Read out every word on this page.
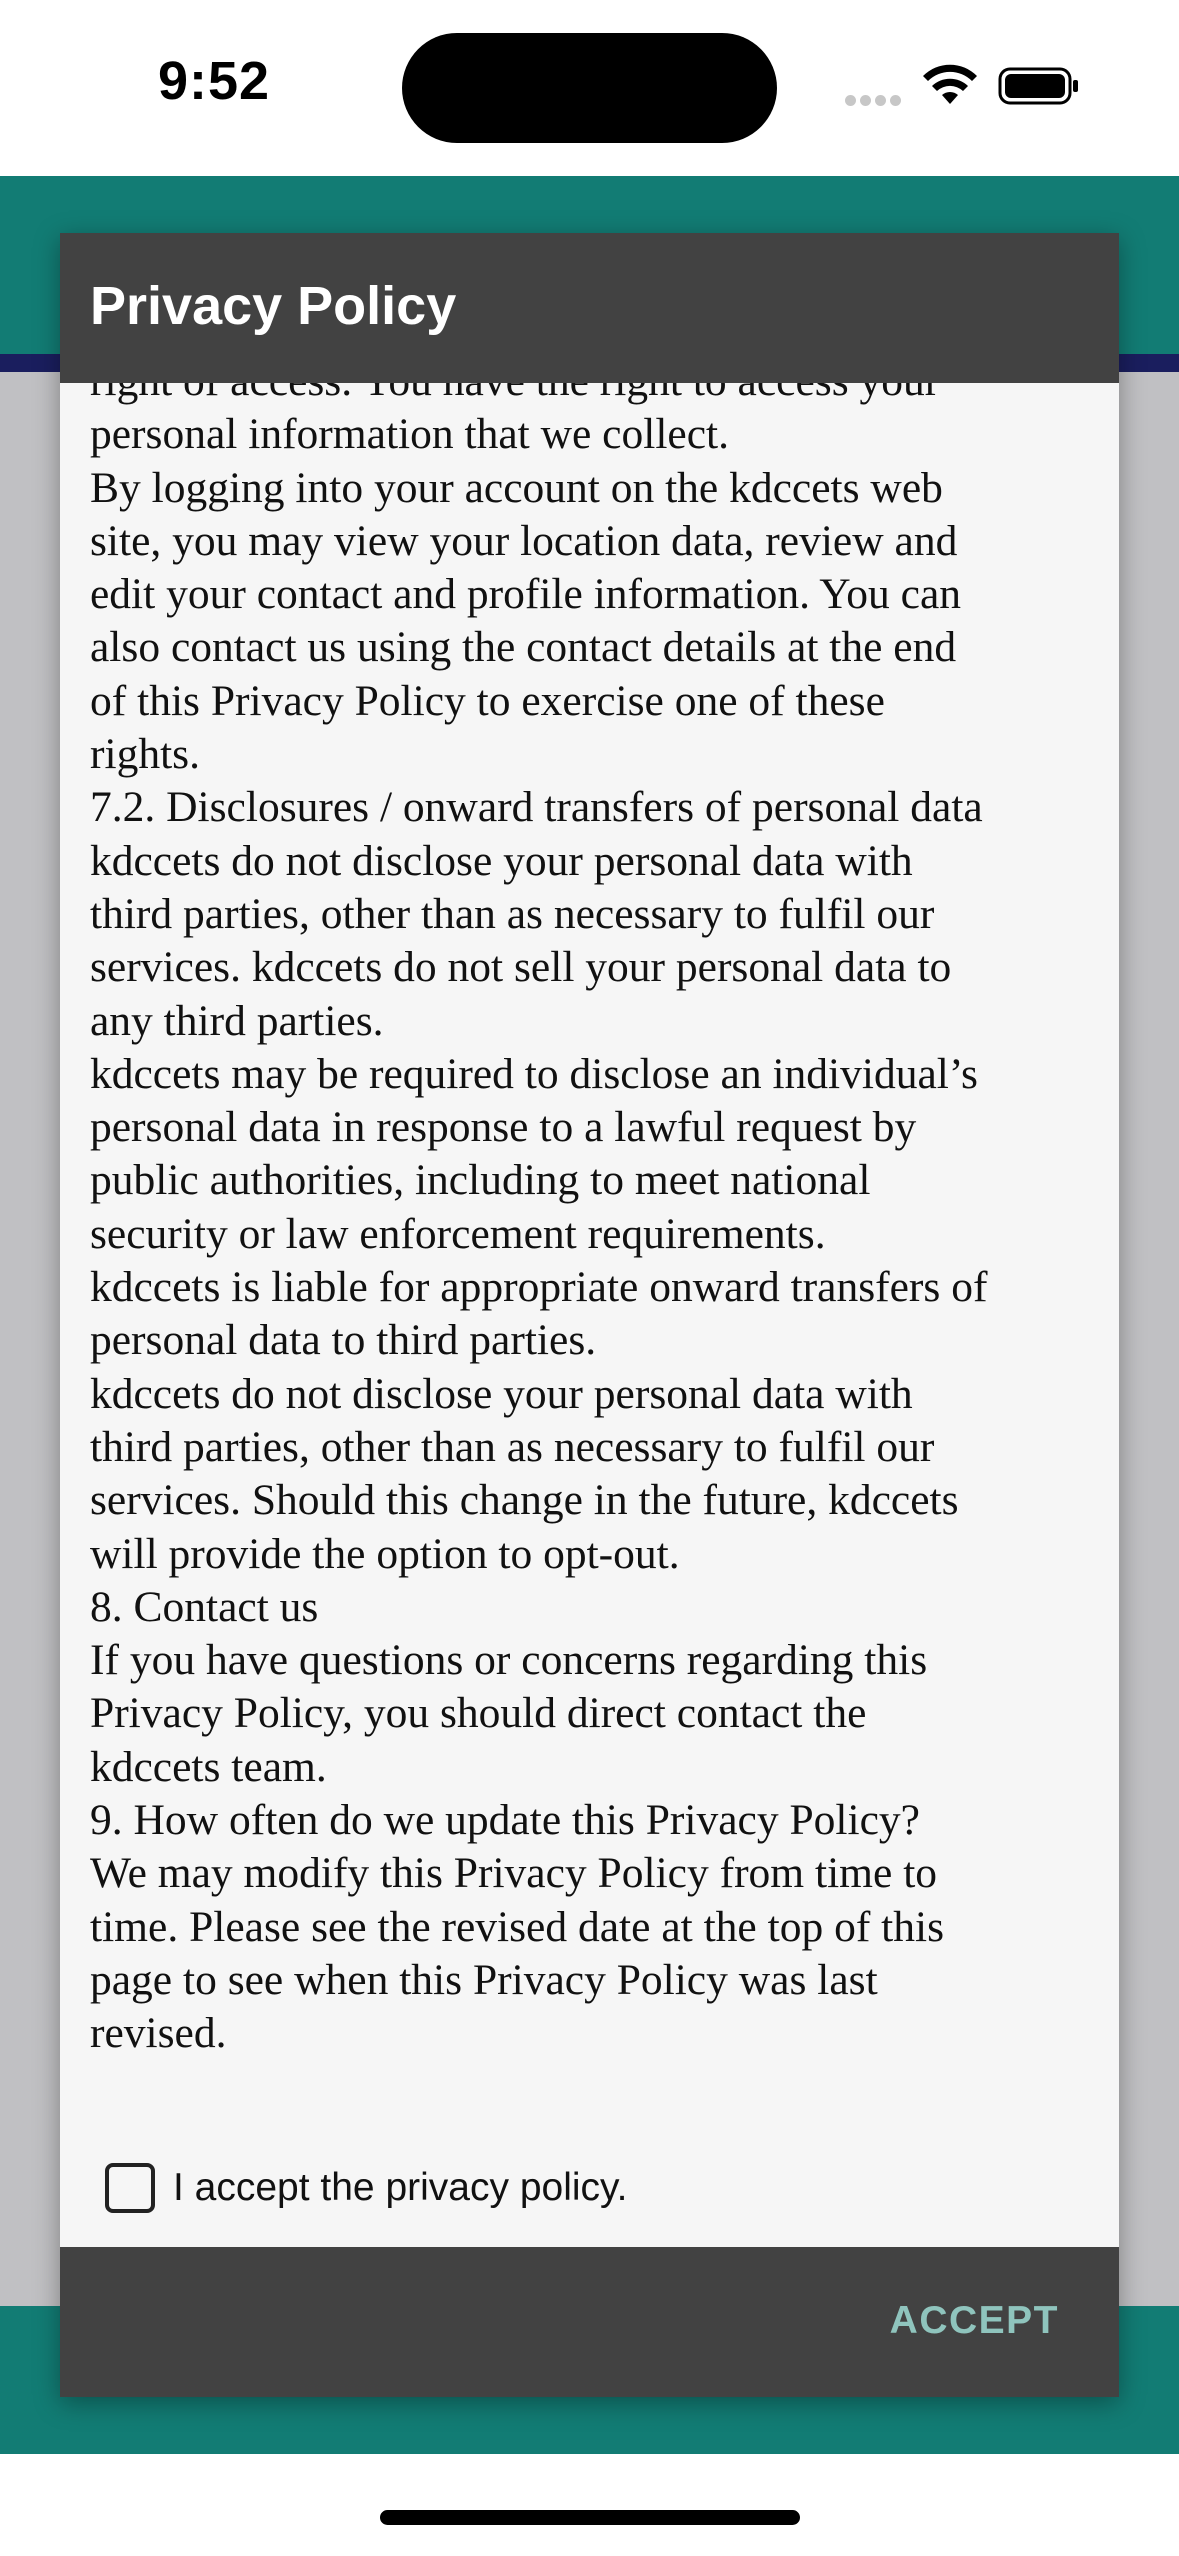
9:52
Privacy Policy
personal information that we collect.
By logging into your account on the kdccets web
site, you may view your location data, review and
edit your contact and profile information. You can
also contact us using the contact details at the end
of this Privacy Policy to exercise one of these
rights.
7.2. Disclosures / onward transfers of personal data
kdccets do not disclose your personal data with
third parties, other than as necessary to fulfil our
services. kdccets do not sell your personal data to
any third parties.
kdccets may be required to disclose an individual’s
personal data in response to a lawful request by
public authorities, including to meet national
security or law enforcement requirements.
kdccets is liable for appropriate onward transfers of
personal data to third parties.
kdccets do not disclose your personal data with
third parties, other than as necessary to fulfil our
services. Should this change in the future, kdccets
will provide the option to opt-out.
8. Contact us
If you have questions or concerns regarding this
Privacy Policy, you should direct contact the
kdccets team.
9. How often do we update this Privacy Policy?
We may modify this Privacy Policy from time to
time. Please see the revised date at the top of this
page to see when this Privacy Policy was last
revised.
I accept the privacy policy.
ACCEPT
